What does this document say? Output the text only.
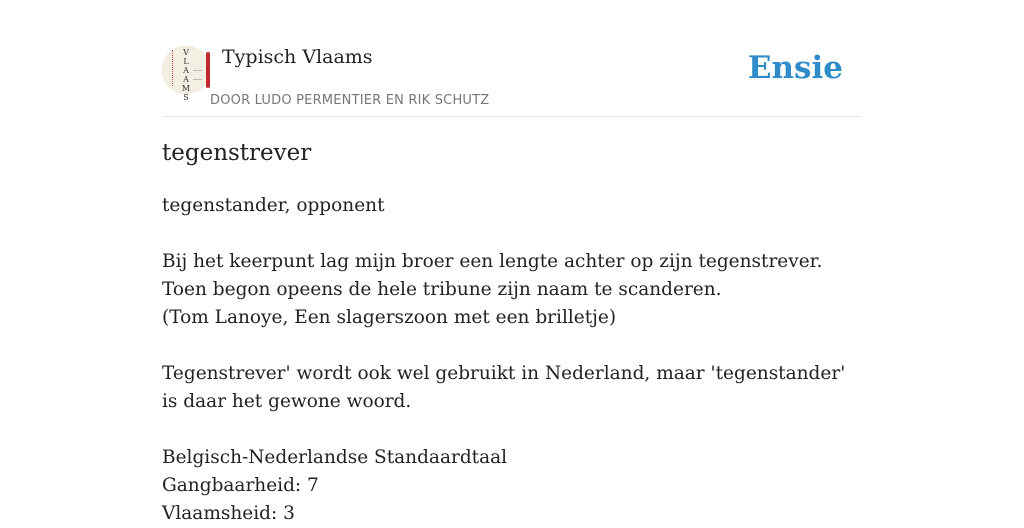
V
L
A
A
M
S
Typisch Vlaams
DOOR LUDO PERMENTIER EN RIK SCHUTZ
Ensie
tegenstrever

tegenstander, opponent

Bij het keerpunt lag mijn broer een lengte achter op zijn tegenstrever. Toen begon opeens de hele tribune zijn naam te scanderen.

(Tom Lanoye, Een slagerszoon met een brilletje)

Tegenstrever' wordt ook wel gebruikt in Nederland, maar 'tegenstander' is daar het gewone woord.

Belgisch-Nederlandse Standaardtaal

Gangbaarheid: 7

Vlaamsheid: 3
